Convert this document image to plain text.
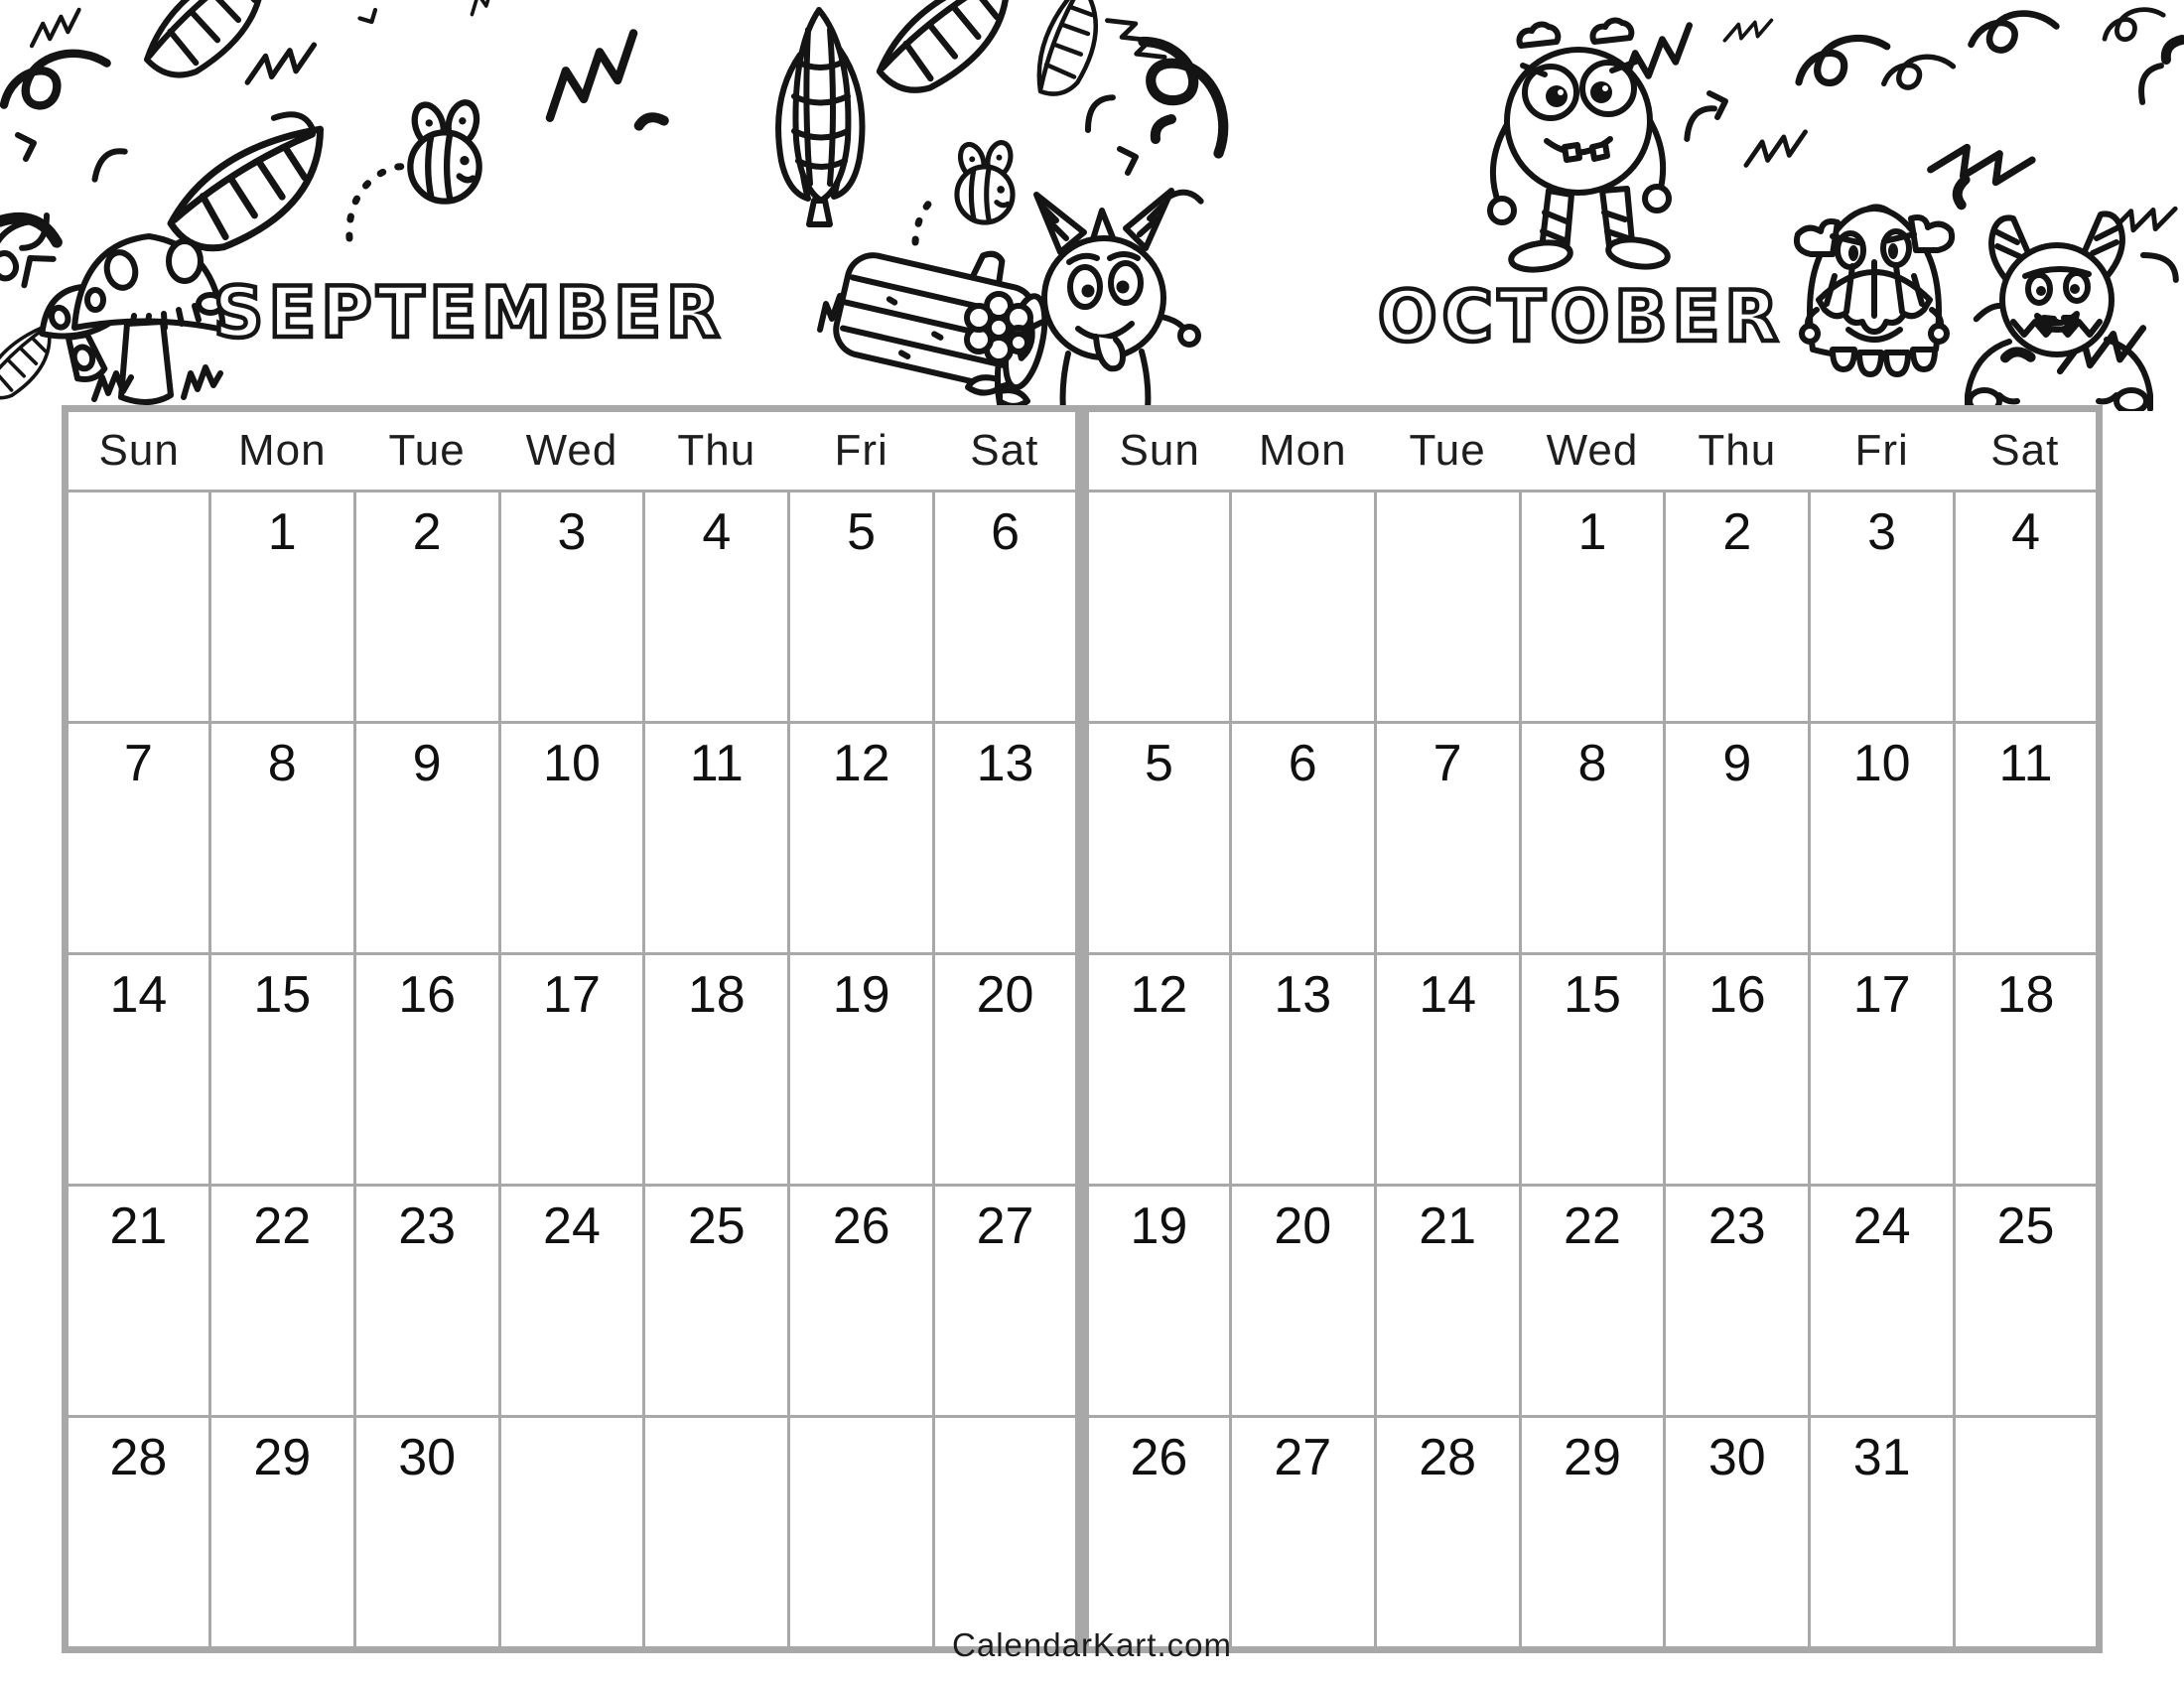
SEPTEMBER	OCTOBER
Sun	Mon	Tue	Wed	Thu	Fri	Sat
	1	2	3	4	5	6
7	8	9	10	11	12	13
14	15	16	17	18	19	20
21	22	23	24	25	26	27
28	29	30				
Sun	Mon	Tue	Wed	Thu	Fri	Sat
			1	2	3	4
5	6	7	8	9	10	11
12	13	14	15	16	17	18
19	20	21	22	23	24	25
26	27	28	29	30	31	
CalendarKart.com
